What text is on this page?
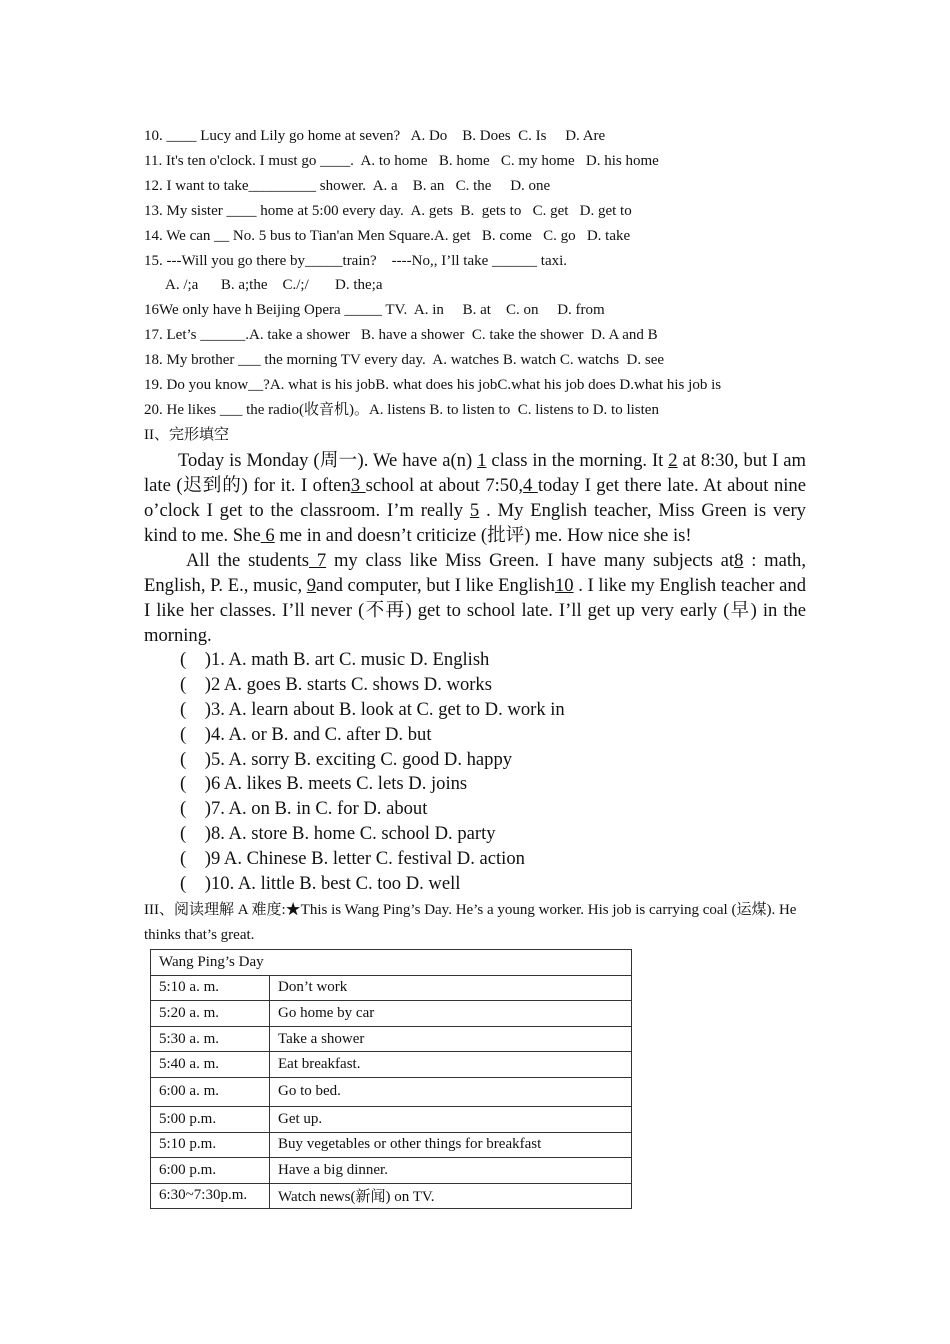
10. ____ Lucy and Lily go home at seven?   A. Do    B. Does  C. Is     D. Are
11. It's ten o'clock. I must go ____.  A. to home   B. home   C. my home   D. his home
12. I want to take_________ shower.  A. a    B. an   C. the     D. one
13. My sister ____ home at 5:00 every day.  A. gets  B.  gets to   C. get   D. get to
14. We can __ No. 5 bus to Tian'an Men Square.A. get   B. come   C. go   D. take
15. ---Will you go there by_____train?    ----No,, I’ll take ______ taxi.
A. /;a      B. a;the    C./;/       D. the;a
16We only have h Beijing Opera _____ TV.  A. in     B. at    C. on     D. from
17. Let’s ______.A. take a shower   B. have a shower  C. take the shower  D. A and B
18. My brother ___ the morning TV every day.  A. watches B. watch C. watchs  D. see
19. Do you know__?A. what is his jobB. what does his jobC.what his job does D.what his job is
20. He likes ___ the radio(收音机)。A. listens B. to listen to  C. listens to D. to listen
II、完形填空

Today is Monday (周一). We have a(n) 1 class in the morning. It 2 at 8:30, but I am late (迟到的) for it. I often3 school at about 7:50,4 today I get there late. At about nine o’clock I get to the classroom. I’m really 5 . My English teacher, Miss Green is very kind to me. She 6 me in and doesn’t criticize (批评) me. How nice she is!

All the students 7 my class like Miss Green. I have many subjects at8 : math, English, P. E., music, 9and computer, but I like English10 . I like my English teacher and I like her classes. I’ll never (不再) get to school late. I’ll get up very early (早) in the morning.

(    )1. A. math B. art C. music D. English
(    )2 A. goes B. starts C. shows D. works
(    )3. A. learn about B. look at C. get to D. work in
(    )4. A. or B. and C. after D. but
(    )5. A. sorry B. exciting C. good D. happy
(    )6 A. likes B. meets C. lets D. joins
(    )7. A. on B. in C. for D. about
(    )8. A. store B. home C. school D. party
(    )9 A. Chinese B. letter C. festival D. action
(    )10. A. little B. best C. too D. well
III、阅读理解 A 难度:★This is Wang Ping’s Day. He’s a young worker. His job is carrying coal (运煤). He thinks that’s great.
Wang Ping’s Day	
5:10 a. m.	Don’t work
5:20 a. m.	Go home by car
5:30 a. m.	Take a shower
5:40 a. m.	Eat breakfast.
6:00 a. m.	Go to bed.
5:00 p.m.	Get up.
5:10 p.m.	Buy vegetables or other things for breakfast
6:00 p.m.	Have a big dinner.
6:30~7:30p.m.	Watch news(新闻) on TV.
